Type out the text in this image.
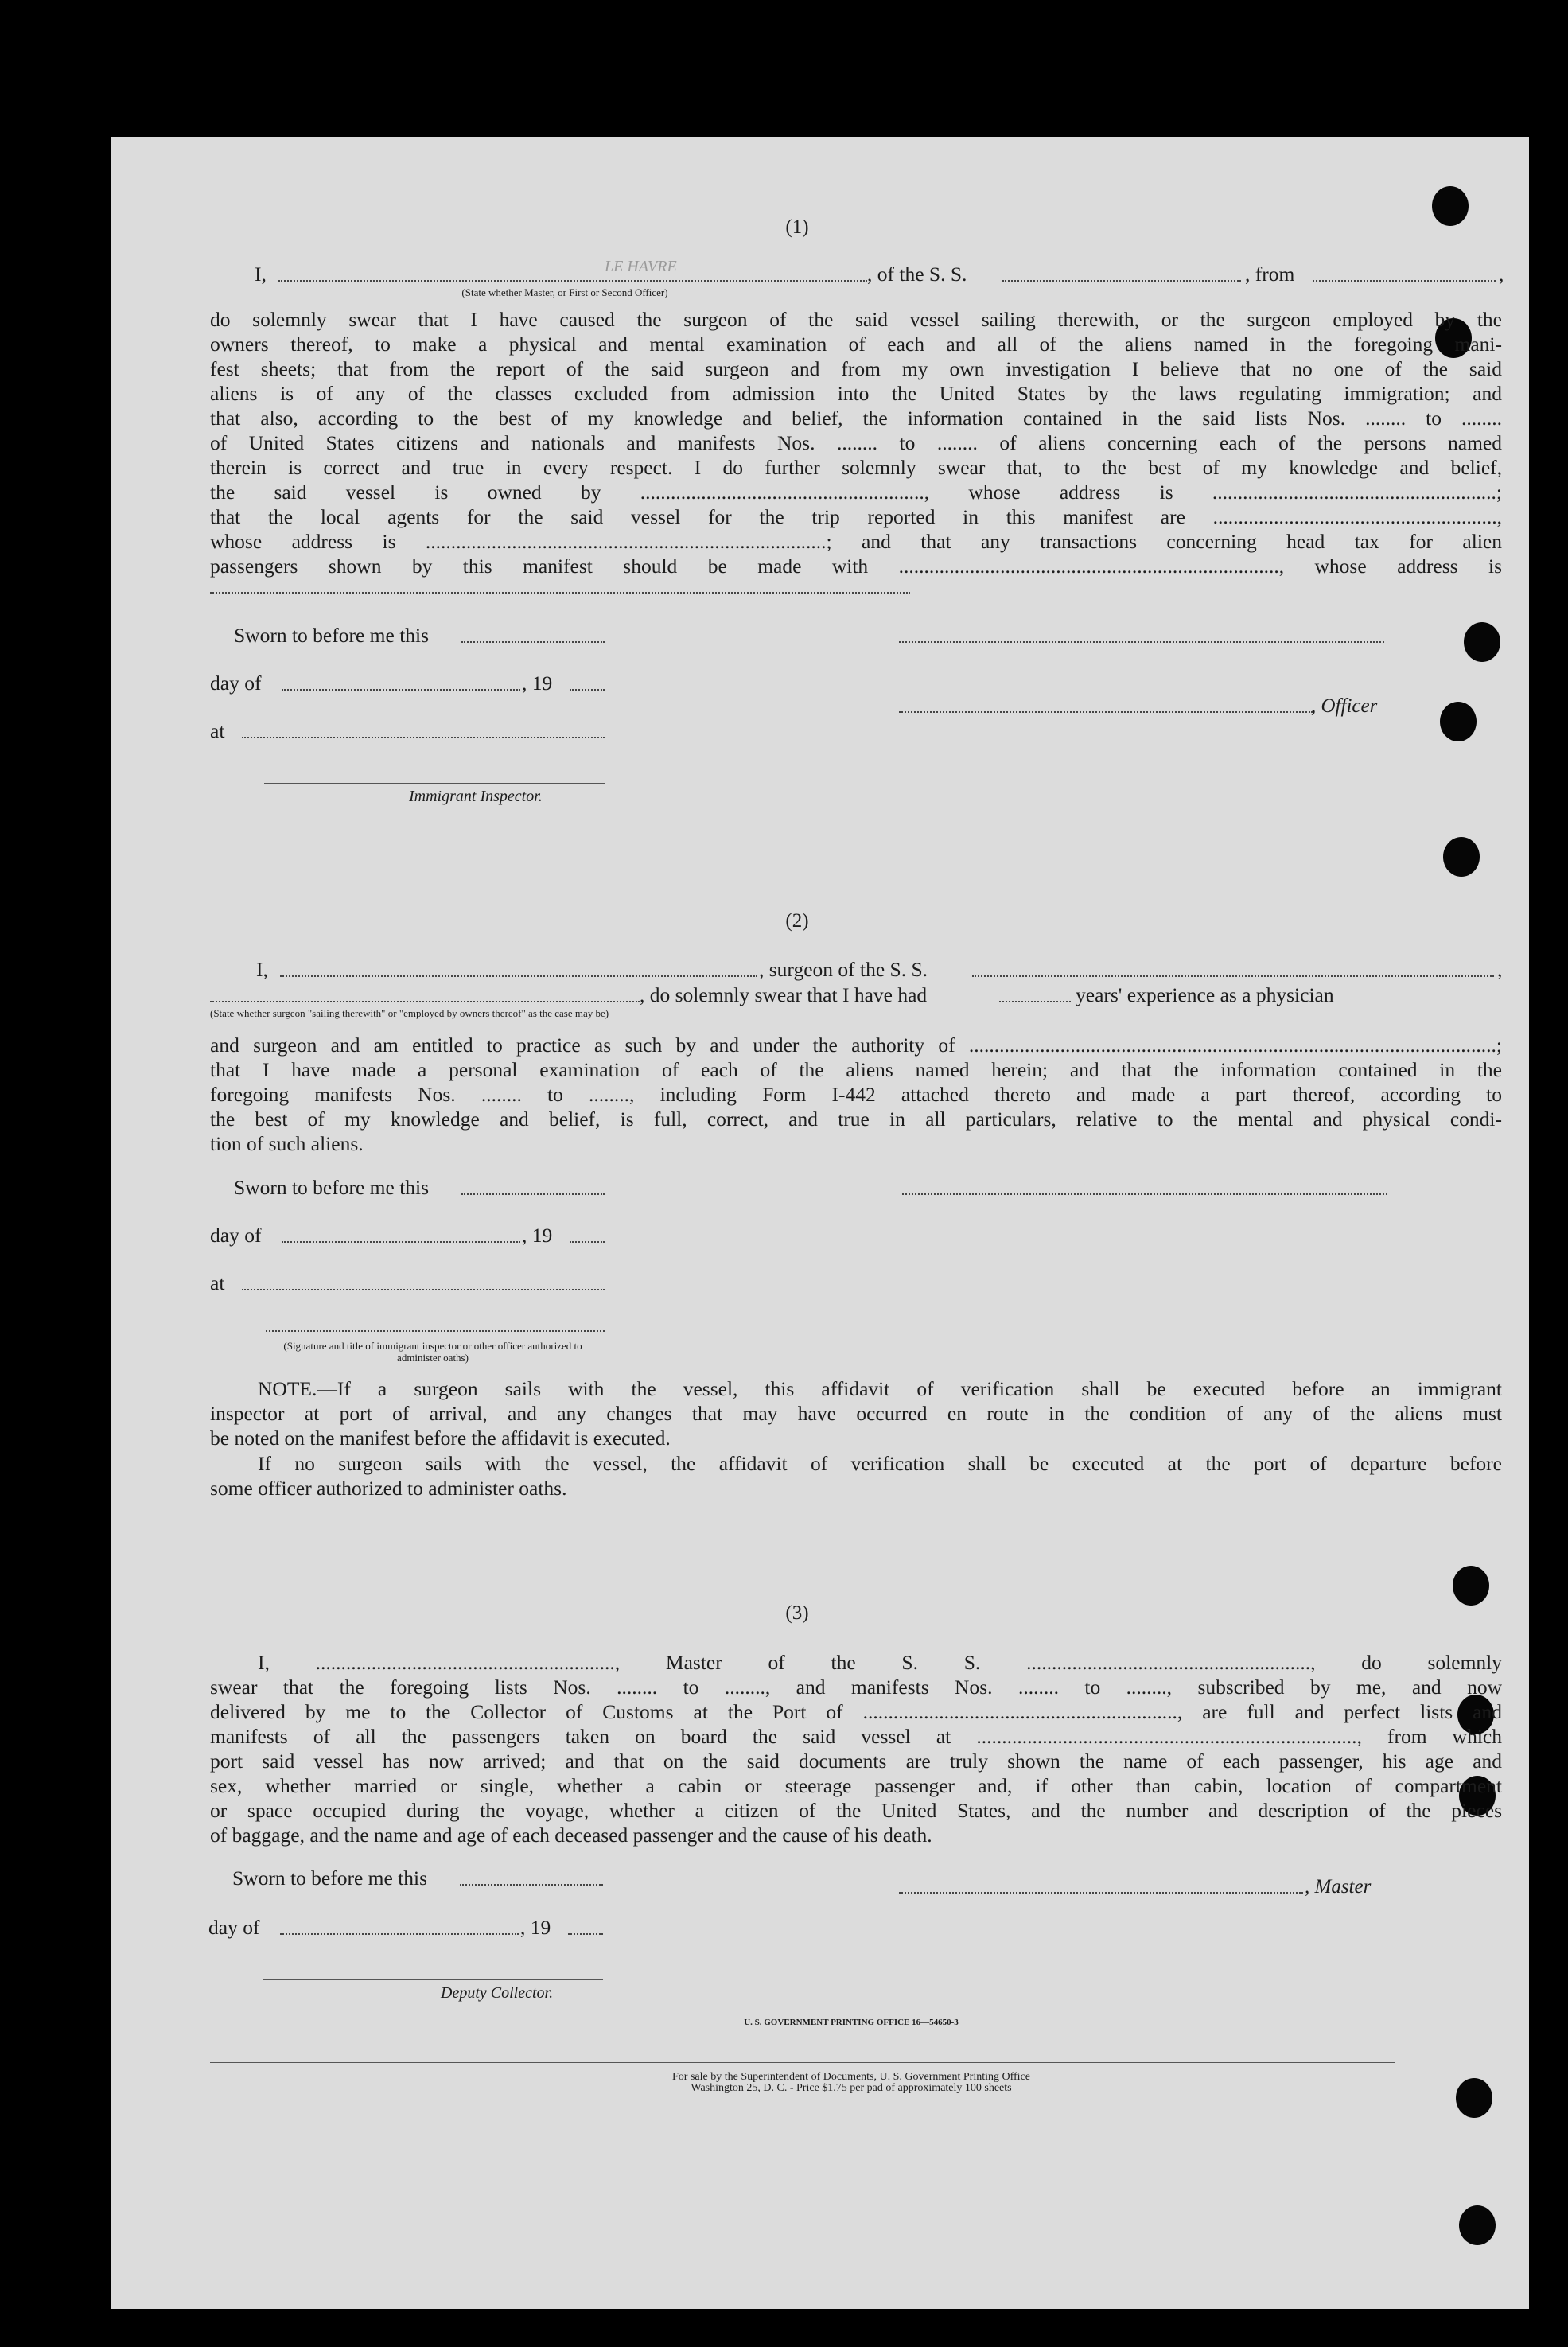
(1)
I,	LE HAVRE	, of the S. S.	, from	,
(State whether Master, or First or Second Officer)
do solemnly swear that I have caused the surgeon of the said vessel sailing therewith, or the surgeon employed by the
owners thereof, to make a physical and mental examination of each and all of the aliens named in the foregoing mani-
fest sheets; that from the report of the said surgeon and from my own investigation I believe that no one of the said
aliens is of any of the classes excluded from admission into the United States by the laws regulating immigration; and
that also, according to the best of my knowledge and belief, the information contained in the said lists Nos. ........ to ........
of United States citizens and nationals and manifests Nos. ........ to ........ of aliens concerning each of the persons named
therein is correct and true in every respect. I do further solemnly swear that, to the best of my knowledge and belief,
the said vessel is owned by ........................................................, whose address is ........................................................;
that the local agents for the said vessel for the trip reported in this manifest are ........................................................,
whose address is ...............................................................................; and that any transactions concerning head tax for alien
passengers shown by this manifest should be made with ..........................................................................., whose address is
Sworn to before me this
day of	, 19
, Officer
at
Immigrant Inspector.
(2)
I,	, surgeon of the S. S.	,
, do solemnly swear that I have had	years' experience as a physician
(State whether surgeon "sailing therewith" or "employed by owners thereof" as the case may be)
and surgeon and am entitled to practice as such by and under the authority of ........................................................................................................;
that I have made a personal examination of each of the aliens named herein; and that the information contained in the
foregoing manifests Nos. ........ to ........, including Form I-442 attached thereto and made a part thereof, according to
the best of my knowledge and belief, is full, correct, and true in all particulars, relative to the mental and physical condi-
tion of such aliens.
Sworn to before me this
day of	, 19
at
(Signature and title of immigrant inspector or other officer authorized to administer oaths)
NOTE.—If a surgeon sails with the vessel, this affidavit of verification shall be executed before an immigrant
inspector at port of arrival, and any changes that may have occurred en route in the condition of any of the aliens must
be noted on the manifest before the affidavit is executed.
If no surgeon sails with the vessel, the affidavit of verification shall be executed at the port of departure before
some officer authorized to administer oaths.
(3)
I, ..........................................................., Master of the S. S. ........................................................, do solemnly
swear that the foregoing lists Nos. ........ to ........, and manifests Nos. ........ to ........, subscribed by me, and now
delivered by me to the Collector of Customs at the Port of .............................................................., are full and perfect lists and
manifests of all the passengers taken on board the said vessel at ..........................................................................., from which
port said vessel has now arrived; and that on the said documents are truly shown the name of each passenger, his age and
sex, whether married or single, whether a cabin or steerage passenger and, if other than cabin, location of compartment
or space occupied during the voyage, whether a citizen of the United States, and the number and description of the pieces
of baggage, and the name and age of each deceased passenger and the cause of his death.
Sworn to before me this	, Master
day of	, 19
Deputy Collector.
U. S. GOVERNMENT PRINTING OFFICE 16—54650-3
For sale by the Superintendent of Documents, U. S. Government Printing Office
Washington 25, D. C. - Price $1.75 per pad of approximately 100 sheets
